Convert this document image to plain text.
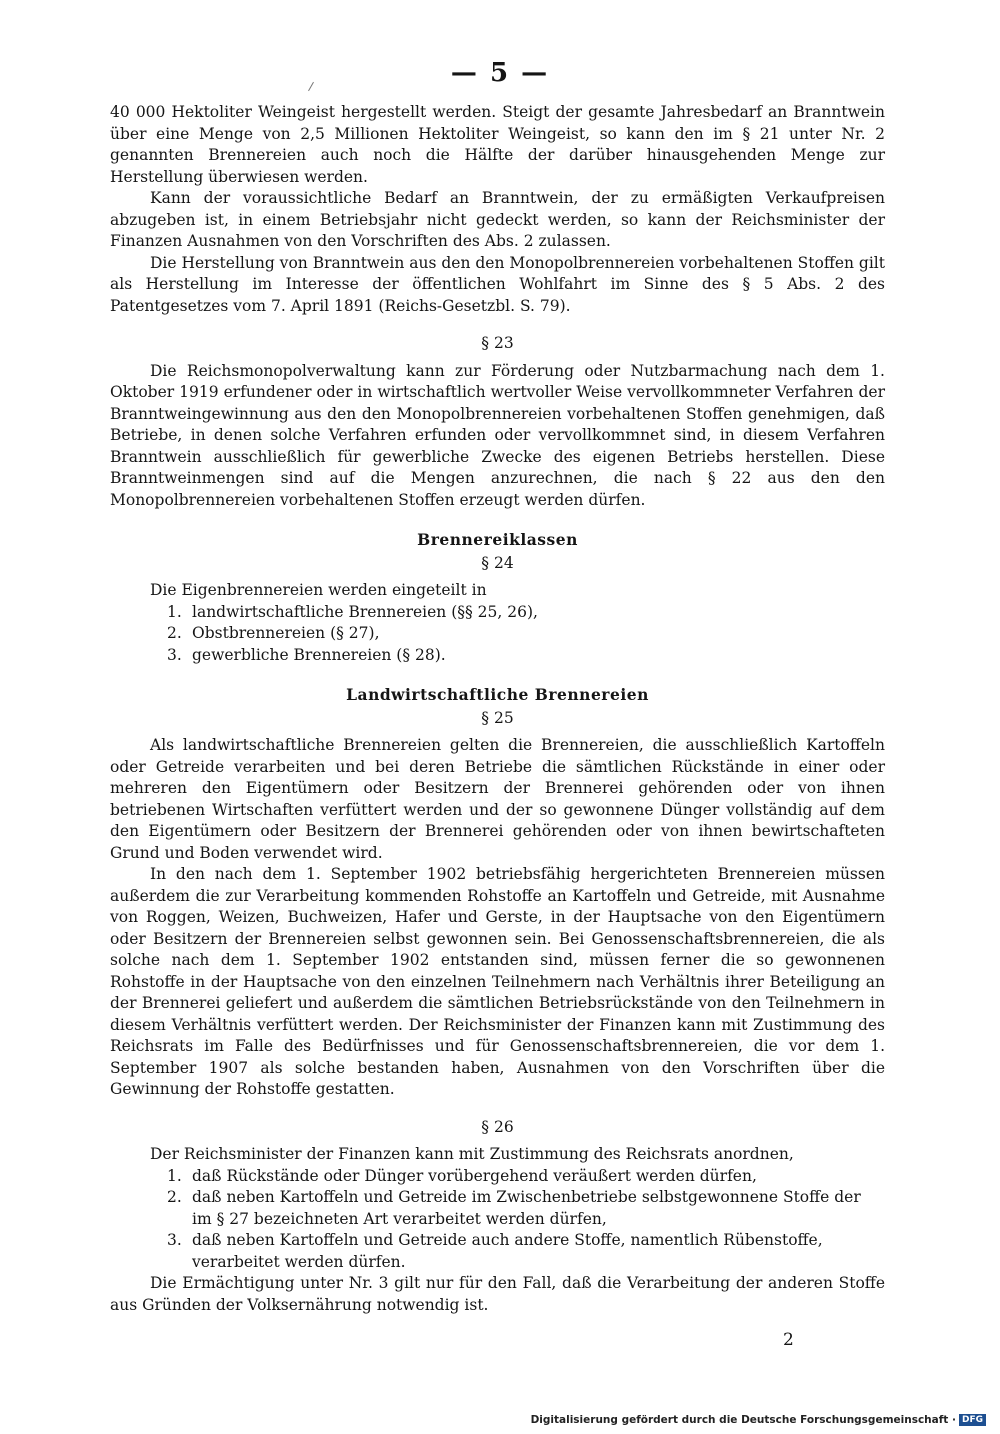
— 5 —

40 000 Hektoliter Weingeist hergestellt werden. Steigt der gesamte Jahresbedarf an Branntwein über eine Menge von 2,5 Millionen Hektoliter Weingeist, so kann den im § 21 unter Nr. 2 genannten Brennereien auch noch die Hälfte der darüber hinausgehenden Menge zur Herstellung überwiesen werden.

Kann der voraussichtliche Bedarf an Branntwein, der zu ermäßigten Verkaufpreisen abzugeben ist, in einem Betriebsjahr nicht gedeckt werden, so kann der Reichsminister der Finanzen Ausnahmen von den Vorschriften des Abs. 2 zulassen.

Die Herstellung von Branntwein aus den den Monopolbrennereien vorbehaltenen Stoffen gilt als Herstellung im Interesse der öffentlichen Wohlfahrt im Sinne des § 5 Abs. 2 des Patentgesetzes vom 7. April 1891 (Reichs-Gesetzbl. S. 79).

§ 23

Die Reichsmonopolverwaltung kann zur Förderung oder Nutzbarmachung nach dem 1. Oktober 1919 erfundener oder in wirtschaftlich wertvoller Weise vervollkommneter Verfahren der Branntweingewinnung aus den den Monopolbrennereien vorbehaltenen Stoffen genehmigen, daß Betriebe, in denen solche Verfahren erfunden oder vervollkommnet sind, in diesem Verfahren Branntwein ausschließlich für gewerbliche Zwecke des eigenen Betriebs herstellen. Diese Branntweinmengen sind auf die Mengen anzurechnen, die nach § 22 aus den den Monopolbrennereien vorbehaltenen Stoffen erzeugt werden dürfen.

Brennereiklassen
§ 24

Die Eigenbrennereien werden eingeteilt in

1. landwirtschaftliche Brennereien (§§ 25, 26),
2. Obstbrennereien (§ 27),
3. gewerbliche Brennereien (§ 28).
Landwirtschaftliche Brennereien
§ 25

Als landwirtschaftliche Brennereien gelten die Brennereien, die ausschließlich Kartoffeln oder Getreide verarbeiten und bei deren Betriebe die sämtlichen Rückstände in einer oder mehreren den Eigentümern oder Besitzern der Brennerei gehörenden oder von ihnen betriebenen Wirtschaften verfüttert werden und der so gewonnene Dünger vollständig auf dem den Eigentümern oder Besitzern der Brennerei gehörenden oder von ihnen bewirtschafteten Grund und Boden verwendet wird.

In den nach dem 1. September 1902 betriebsfähig hergerichteten Brennereien müssen außerdem die zur Verarbeitung kommenden Rohstoffe an Kartoffeln und Getreide, mit Ausnahme von Roggen, Weizen, Buchweizen, Hafer und Gerste, in der Hauptsache von den Eigentümern oder Besitzern der Brennereien selbst gewonnen sein. Bei Genossenschaftsbrennereien, die als solche nach dem 1. September 1902 entstanden sind, müssen ferner die so gewonnenen Rohstoffe in der Hauptsache von den einzelnen Teilnehmern nach Verhältnis ihrer Beteiligung an der Brennerei geliefert und außerdem die sämtlichen Betriebsrückstände von den Teilnehmern in diesem Verhältnis verfüttert werden. Der Reichsminister der Finanzen kann mit Zustimmung des Reichsrats im Falle des Bedürfnisses und für Genossenschaftsbrennereien, die vor dem 1. September 1907 als solche bestanden haben, Ausnahmen von den Vorschriften über die Gewinnung der Rohstoffe gestatten.

§ 26

Der Reichsminister der Finanzen kann mit Zustimmung des Reichsrats anordnen,

1. daß Rückstände oder Dünger vorübergehend veräußert werden dürfen,
2. daß neben Kartoffeln und Getreide im Zwischenbetriebe selbstgewonnene Stoffe der im § 27 bezeichneten Art verarbeitet werden dürfen,
3. daß neben Kartoffeln und Getreide auch andere Stoffe, namentlich Rübenstoffe, verarbeitet werden dürfen.

Die Ermächtigung unter Nr. 3 gilt nur für den Fall, daß die Verarbeitung der anderen Stoffe aus Gründen der Volksernährung notwendig ist.

2
Digitalisierung gefördert durch die Deutsche Forschungsgemeinschaft · DFG
